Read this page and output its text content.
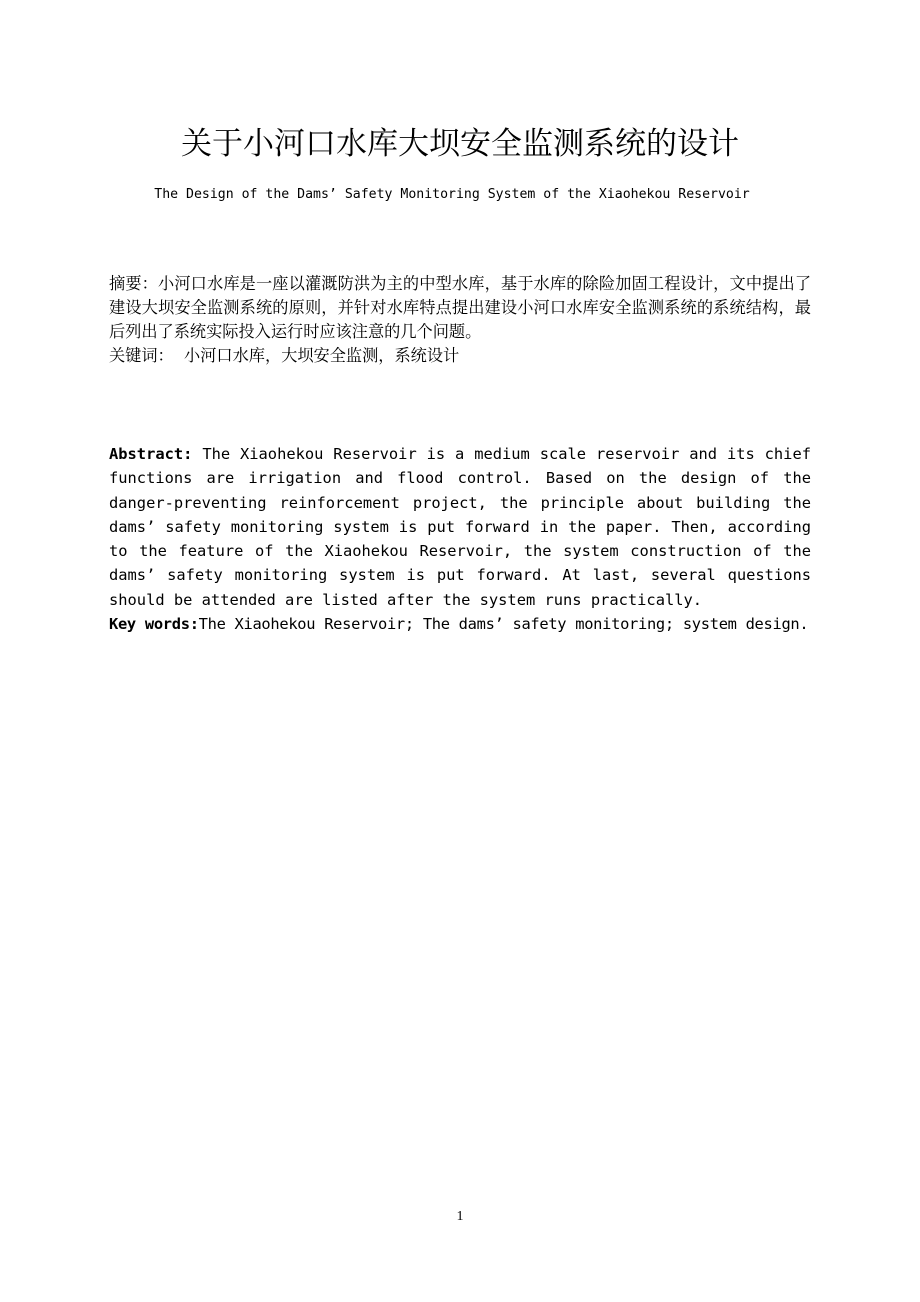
关于小河口水库大坝安全监测系统的设计
The Design of the Dams’ Safety Monitoring System of the Xiaohekou Reservoir

摘要：小河口水库是一座以灌溉防洪为主的中型水库，基于水库的除险加固工程设计，文中提出了建设大坝安全监测系统的原则，并针对水库特点提出建设小河口水库安全监测系统的系统结构，最后列出了系统实际投入运行时应该注意的几个问题。

关键词： 小河口水库，大坝安全监测，系统设计

Abstract: The Xiaohekou Reservoir is a medium scale reservoir and its chief functions are irrigation and flood control. Based on the design of the danger-preventing reinforcement project, the principle about building the dams’ safety monitoring system is put forward in the paper. Then, according to the feature of the Xiaohekou Reservoir, the system construction of the dams’ safety monitoring system is put forward. At last, several questions should be attended are listed after the system runs practically.

Key words:The Xiaohekou Reservoir; The dams’ safety monitoring; system design.

1
